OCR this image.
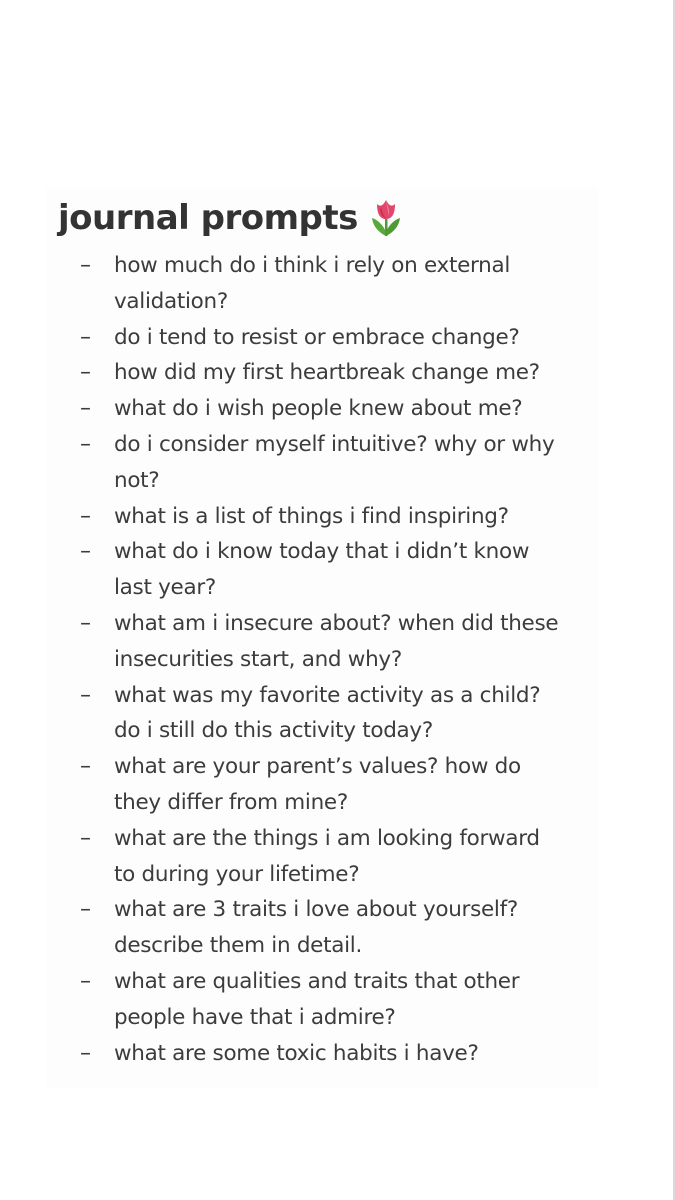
journal prompts
–	how much do i think i rely on external
validation?
–	do i tend to resist or embrace change?
–	how did my first heartbreak change me?
–	what do i wish people knew about me?
–	do i consider myself intuitive? why or why
not?
–	what is a list of things i find inspiring?
–	what do i know today that i didn’t know
last year?
–	what am i insecure about? when did these
insecurities start, and why?
–	what was my favorite activity as a child?
do i still do this activity today?
–	what are your parent’s values? how do
they differ from mine?
–	what are the things i am looking forward
to during your lifetime?
–	what are 3 traits i love about yourself?
describe them in detail.
–	what are qualities and traits that other
people have that i admire?
–	what are some toxic habits i have?
